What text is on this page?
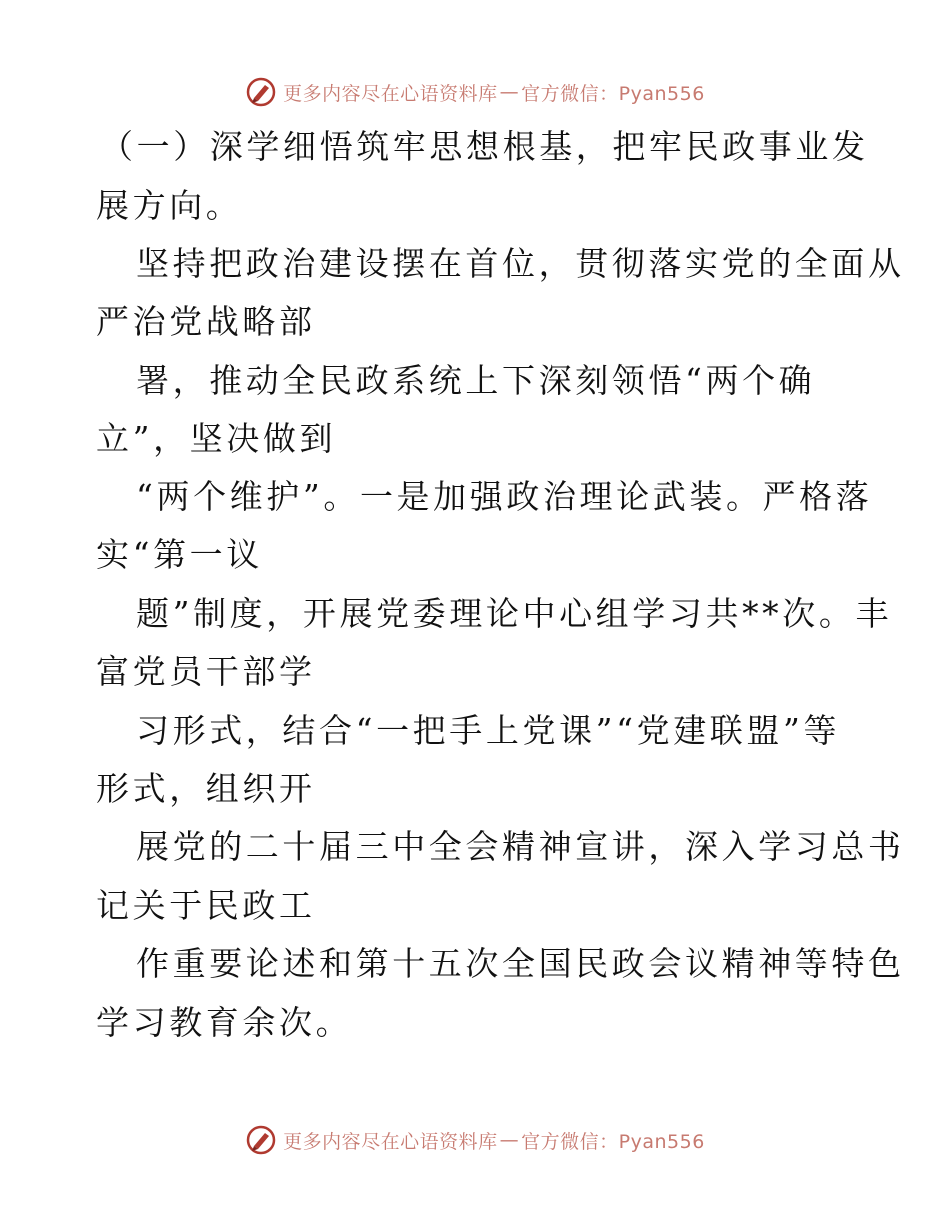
更多内容尽在心语资料库 — 官方微信：Pyan556
（一）深学细悟筑牢思想根基，把牢民政事业发
展方向。
坚持把政治建设摆在首位，贯彻落实党的全面从
严治党战略部
署，推动全民政系统上下深刻领悟“两个确
立”，坚决做到
“两个维护”。一是加强政治理论武装。严格落
实“第一议
题”制度，开展党委理论中心组学习共**次。丰
富党员干部学
习形式，结合“一把手上党课”“党建联盟”等
形式，组织开
展党的二十届三中全会精神宣讲，深入学习总书
记关于民政工
作重要论述和第十五次全国民政会议精神等特色
学习教育余次。
更多内容尽在心语资料库 — 官方微信：Pyan556
